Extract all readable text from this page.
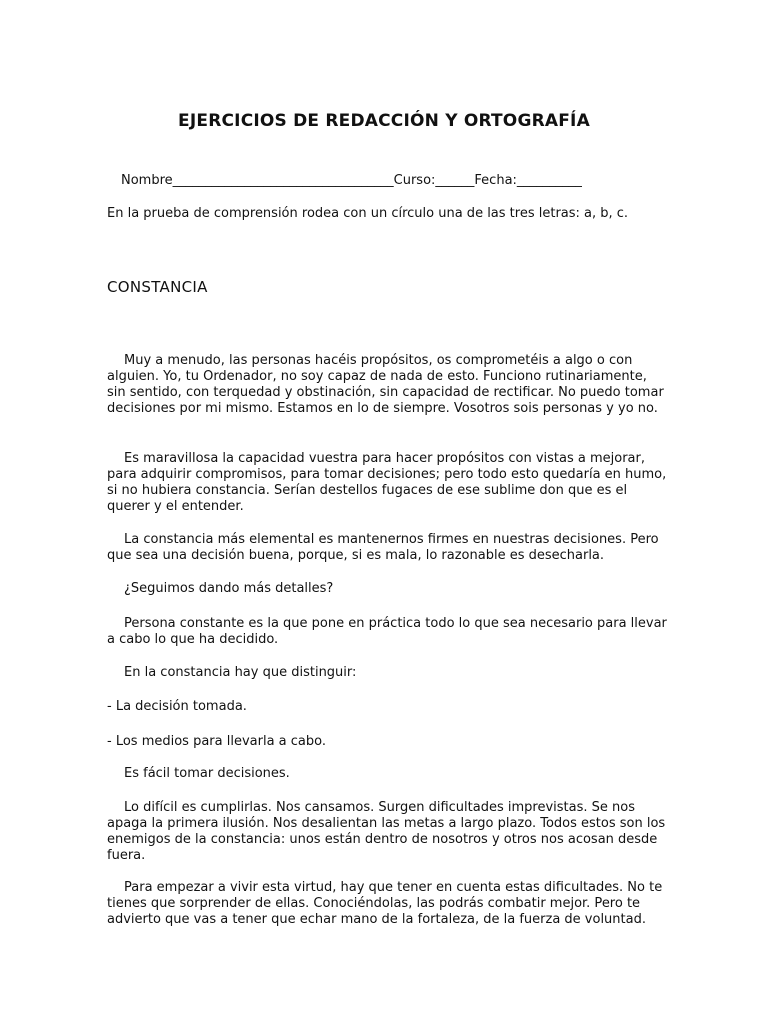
EJERCICIOS DE REDACCIÓN Y ORTOGRAFÍA

Nombre__________________________________Curso:______Fecha:__________

En la prueba de comprensión rodea con un círculo una de las tres letras: a, b, c.

CONSTANCIA

Muy a menudo, las personas hacéis propósitos, os comprometéis a algo o con alguien. Yo, tu Ordenador, no soy capaz de nada de esto. Funciono rutinariamente, sin sentido, con terquedad y obstinación, sin capacidad de rectificar. No puedo tomar decisiones por mi mismo. Estamos en lo de siempre. Vosotros sois personas y yo no.

Es maravillosa la capacidad vuestra para hacer propósitos con vistas a mejorar, para adquirir compromisos, para tomar decisiones; pero todo esto quedaría en humo, si no hubiera constancia. Serían destellos fugaces de ese sublime don que es el querer y el entender.

La constancia más elemental es mantenernos firmes en nuestras decisiones. Pero que sea una decisión buena, porque, si es mala, lo razonable es desecharla.

¿Seguimos dando más detalles?

Persona constante es la que pone en práctica todo lo que sea necesario para llevar a cabo lo que ha decidido.

En la constancia hay que distinguir:

- La decisión tomada.

- Los medios para llevarla a cabo.

Es fácil tomar decisiones.

Lo difícil es cumplirlas. Nos cansamos. Surgen dificultades imprevistas. Se nos apaga la primera ilusión. Nos desalientan las metas a largo plazo. Todos estos son los enemigos de la constancia: unos están dentro de nosotros y otros nos acosan desde fuera.

Para empezar a vivir esta virtud, hay que tener en cuenta estas dificultades. No te tienes que sorprender de ellas. Conociéndolas, las podrás combatir mejor. Pero te advierto que vas a tener que echar mano de la fortaleza, de la fuerza de voluntad.
